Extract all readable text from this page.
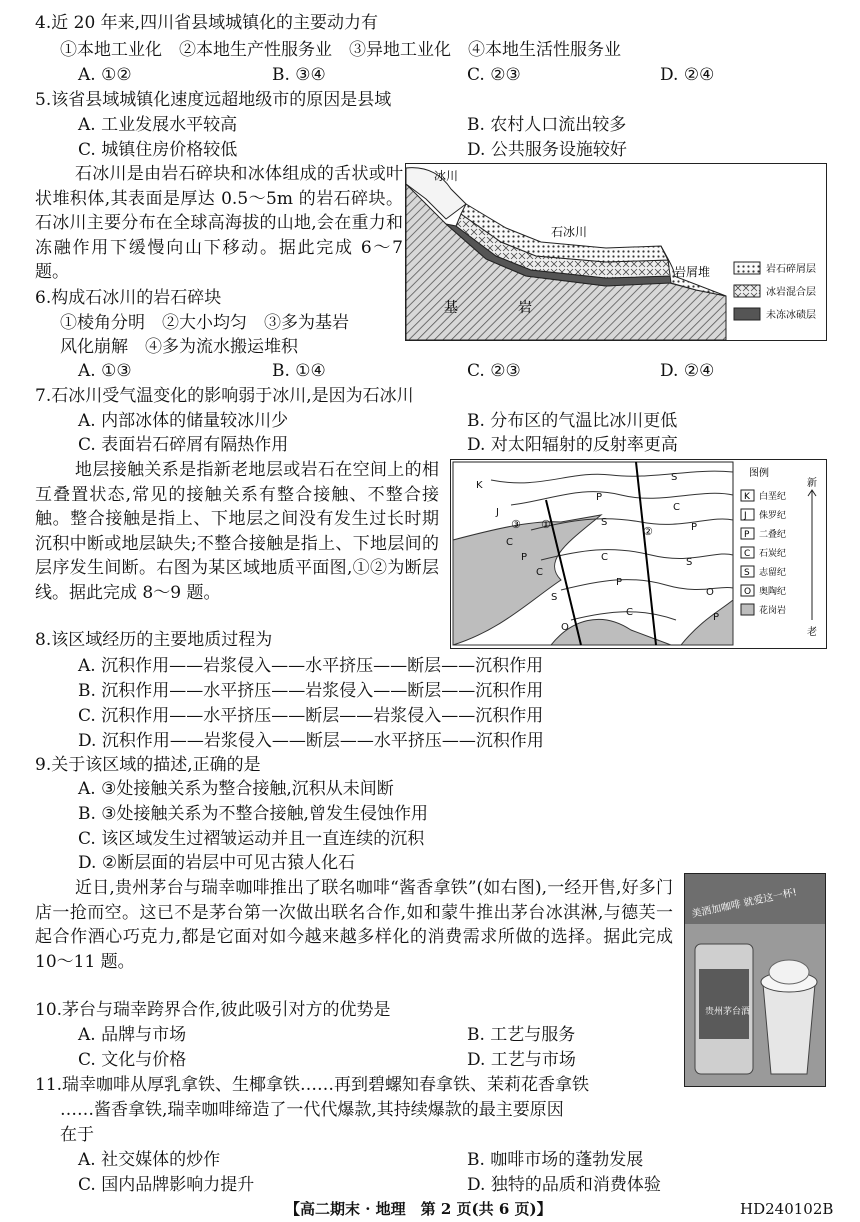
4.近 20 年来,四川省县域城镇化的主要动力有
①本地工业化　②本地生产性服务业　③异地工业化　④本地生活性服务业
A. ①②	B. ③④	C. ②③	D. ②④
5.该省县域城镇化速度远超地级市的原因是县域
A. 工业发展水平较高	B. 农村人口流出较多
C. 城镇住房价格较低	D. 公共服务设施较好
石冰川是由岩石碎块和冰体组成的舌状或叶状堆积体,其表面是厚达 0.5～5m 的岩石碎块。石冰川主要分布在全球高海拔的山地,会在重力和冻融作用下缓慢向山下移动。据此完成 6～7 题。
冰川
石冰川
岩屑堆
基	岩
岩石碎屑层
冰岩混合层
未冻冰碛层
6.构成石冰川的岩石碎块
①棱角分明　②大小均匀　③多为基岩
风化崩解　④多为流水搬运堆积
A. ①③	B. ①④	C. ②③	D. ②④
7.石冰川受气温变化的影响弱于冰川,是因为石冰川
A. 内部冰体的储量较冰川少	B. 分布区的气温比冰川更低
C. 表面岩石碎屑有隔热作用	D. 对太阳辐射的反射率更高
地层接触关系是指新老地层或岩石在空间上的相互叠置状态,常见的接触关系有整合接触、不整合接触。整合接触是指上、下地层之间没有发生过长时期沉积中断或地层缺失;不整合接触是指上、下地层间的层序发生间断。右图为某区域地质平面图,①②为断层线。据此完成 8～9 题。
K
J
C
P
C
S
O
P
S
C
P
C
S
C
P
S
O
P
③ ①
②
图例
K 白垩纪
J 侏罗纪
P 二叠纪
C 石炭纪
S 志留纪
O 奥陶纪
花岗岩
新
老
8.该区域经历的主要地质过程为
A. 沉积作用——岩浆侵入——水平挤压——断层——沉积作用
B. 沉积作用——水平挤压——岩浆侵入——断层——沉积作用
C. 沉积作用——水平挤压——断层——岩浆侵入——沉积作用
D. 沉积作用——岩浆侵入——断层——水平挤压——沉积作用
9.关于该区域的描述,正确的是
A. ③处接触关系为整合接触,沉积从未间断
B. ③处接触关系为不整合接触,曾发生侵蚀作用
C. 该区域发生过褶皱运动并且一直连续的沉积
D. ②断层面的岩层中可见古猿人化石
近日,贵州茅台与瑞幸咖啡推出了联名咖啡“酱香拿铁”(如右图),一经开售,好多门店一抢而空。这已不是茅台第一次做出联名合作,如和蒙牛推出茅台冰淇淋,与德芙一起合作酒心巧克力,都是它面对如今越来越多样化的消费需求所做的选择。据此完成 10～11 题。
美酒加咖啡 就爱这一杯!
贵州茅台酒
10.茅台与瑞幸跨界合作,彼此吸引对方的优势是
A. 品牌与市场	B. 工艺与服务
C. 文化与价格	D. 工艺与市场
11.瑞幸咖啡从厚乳拿铁、生椰拿铁……再到碧螺知春拿铁、茉莉花香拿铁
……酱香拿铁,瑞幸咖啡缔造了一代代爆款,其持续爆款的最主要原因
在于
A. 社交媒体的炒作	B. 咖啡市场的蓬勃发展
C. 国内品牌影响力提升	D. 独特的品质和消费体验
【高二期末 · 地理　第 2 页(共 6 页)】	HD240102B
